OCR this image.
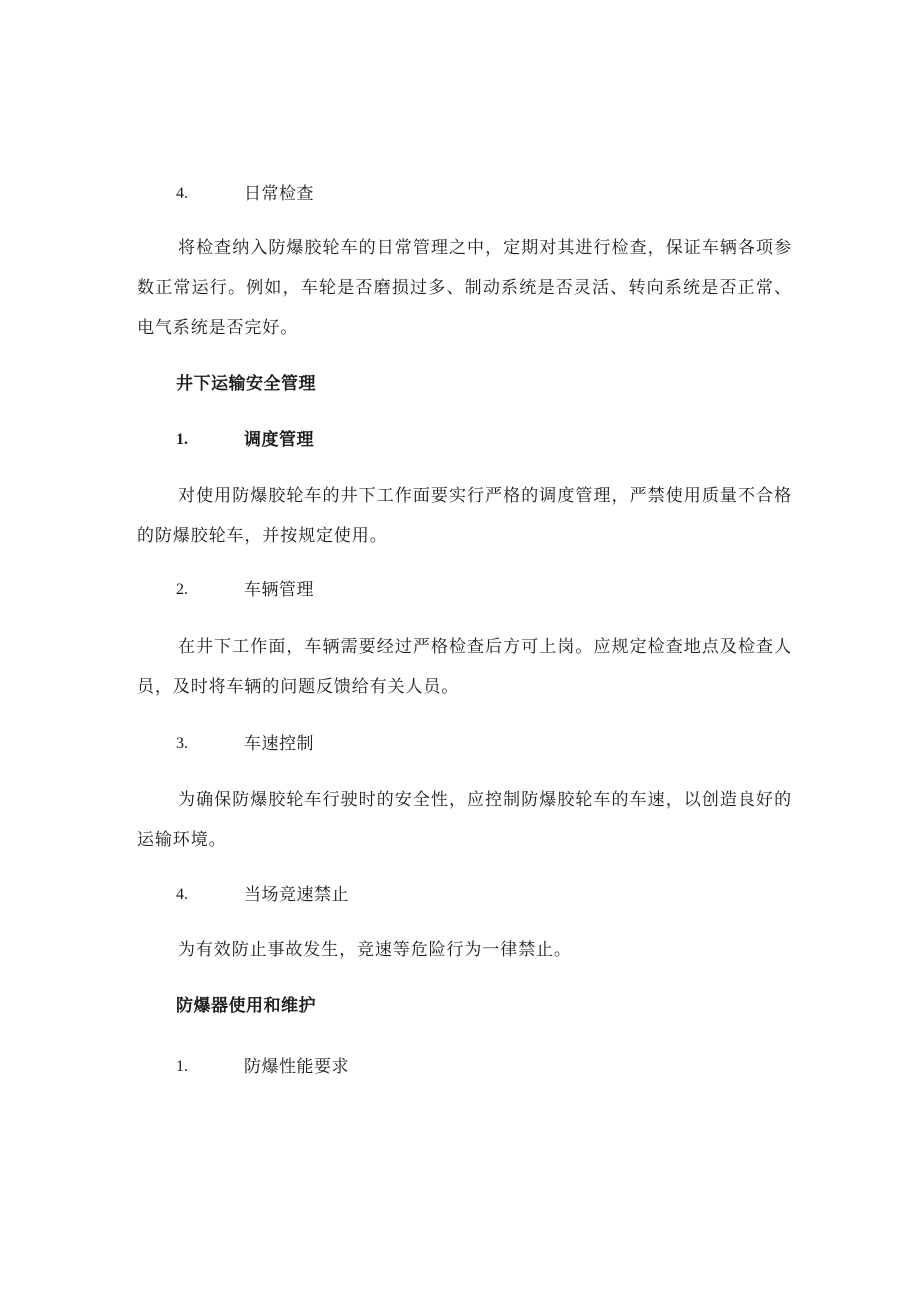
4.	日常检查
将检查纳入防爆胶轮车的日常管理之中，定期对其进行检查，保证车辆各项参数正常运行。例如，车轮是否磨损过多、制动系统是否灵活、转向系统是否正常、电气系统是否完好。
井下运输安全管理
1.	调度管理
对使用防爆胶轮车的井下工作面要实行严格的调度管理，严禁使用质量不合格的防爆胶轮车，并按规定使用。
2.	车辆管理
在井下工作面，车辆需要经过严格检查后方可上岗。应规定检查地点及检查人员，及时将车辆的问题反馈给有关人员。
3.	车速控制
为确保防爆胶轮车行驶时的安全性，应控制防爆胶轮车的车速，以创造良好的运输环境。
4.	当场竞速禁止
为有效防止事故发生，竞速等危险行为一律禁止。
防爆器使用和维护
1.	防爆性能要求
